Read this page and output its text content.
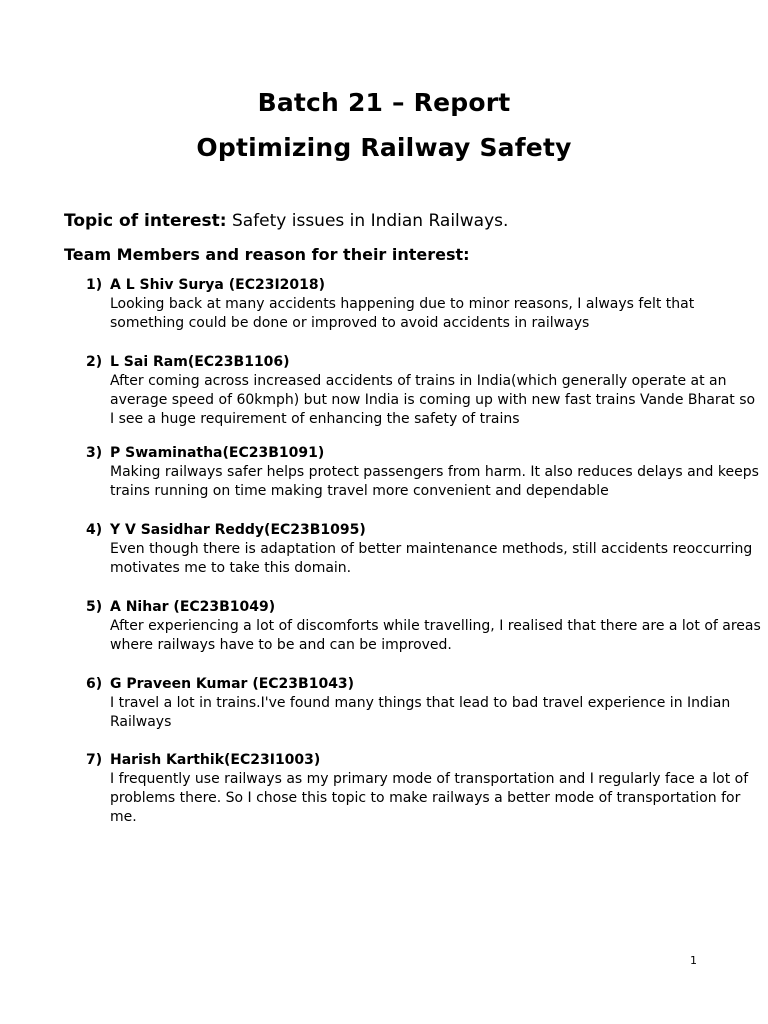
Batch 21 – Report
Optimizing Railway Safety
Topic of interest: Safety issues in Indian Railways.
Team Members and reason for their interest:
1) A L Shiv Surya (EC23I2018)
Looking back at many accidents happening due to minor reasons, I always felt that something could be done or improved to avoid accidents in railways
2) L Sai Ram(EC23B1106)
After coming across increased accidents of trains in India(which generally operate at an average speed of 60kmph) but now India is coming up with new fast trains Vande Bharat so I see a huge requirement of enhancing the safety of trains
3) P Swaminatha(EC23B1091)
Making railways safer helps protect passengers from harm. It also reduces delays and keeps trains running on time making travel more convenient and dependable
4) Y V Sasidhar Reddy(EC23B1095)
Even though there is adaptation of better maintenance methods, still accidents reoccurring motivates me to take this domain.
5) A Nihar (EC23B1049)
After experiencing a lot of discomforts while travelling, I realised that there are a lot of areas where railways have to be and can be improved.
6) G Praveen Kumar (EC23B1043)
I travel a lot in trains.I've found many things that lead to bad travel experience in Indian Railways
7) Harish Karthik(EC23I1003)
I frequently use railways as my primary mode of transportation and I regularly face a lot of problems there. So I chose this topic to make railways a better mode of transportation for me.
1
